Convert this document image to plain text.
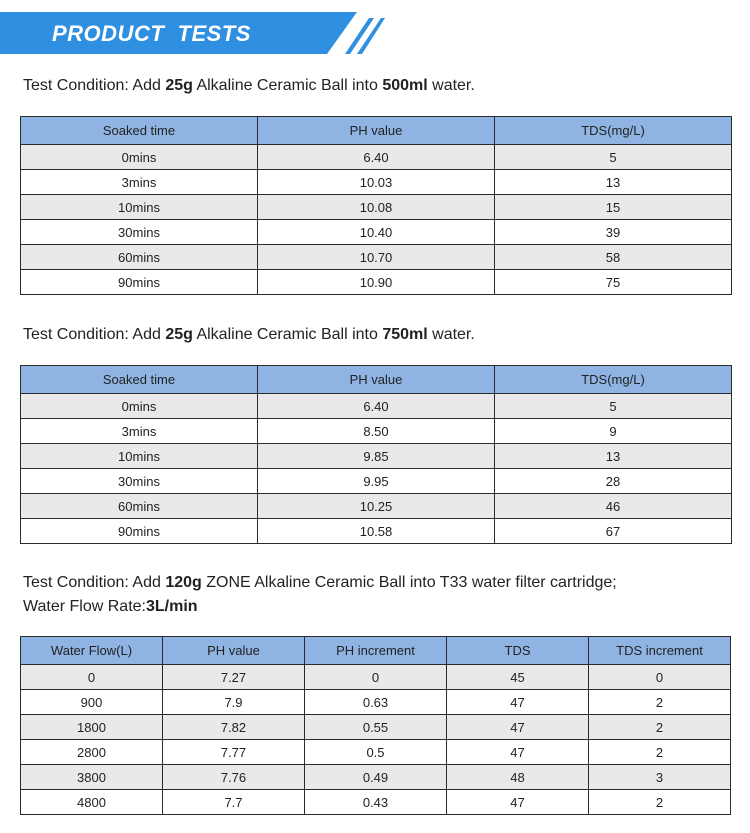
PRODUCT  TESTS
Test Condition: Add 25g Alkaline Ceramic Ball into 500ml water.
Soaked time	PH value	TDS(mg/L)
0mins	6.40	5
3mins	10.03	13
10mins	10.08	15
30mins	10.40	39
60mins	10.70	58
90mins	10.90	75
Test Condition: Add 25g Alkaline Ceramic Ball into 750ml water.
Soaked time	PH value	TDS(mg/L)
0mins	6.40	5
3mins	8.50	9
10mins	9.85	13
30mins	9.95	28
60mins	10.25	46
90mins	10.58	67
Test Condition: Add 120g ZONE Alkaline Ceramic Ball into T33 water filter cartridge;
Water Flow Rate:3L/min
Water Flow(L)	PH value	PH increment	TDS	TDS increment
0	7.27	0	45	0
900	7.9	0.63	47	2
1800	7.82	0.55	47	2
2800	7.77	0.5	47	2
3800	7.76	0.49	48	3
4800	7.7	0.43	47	2
